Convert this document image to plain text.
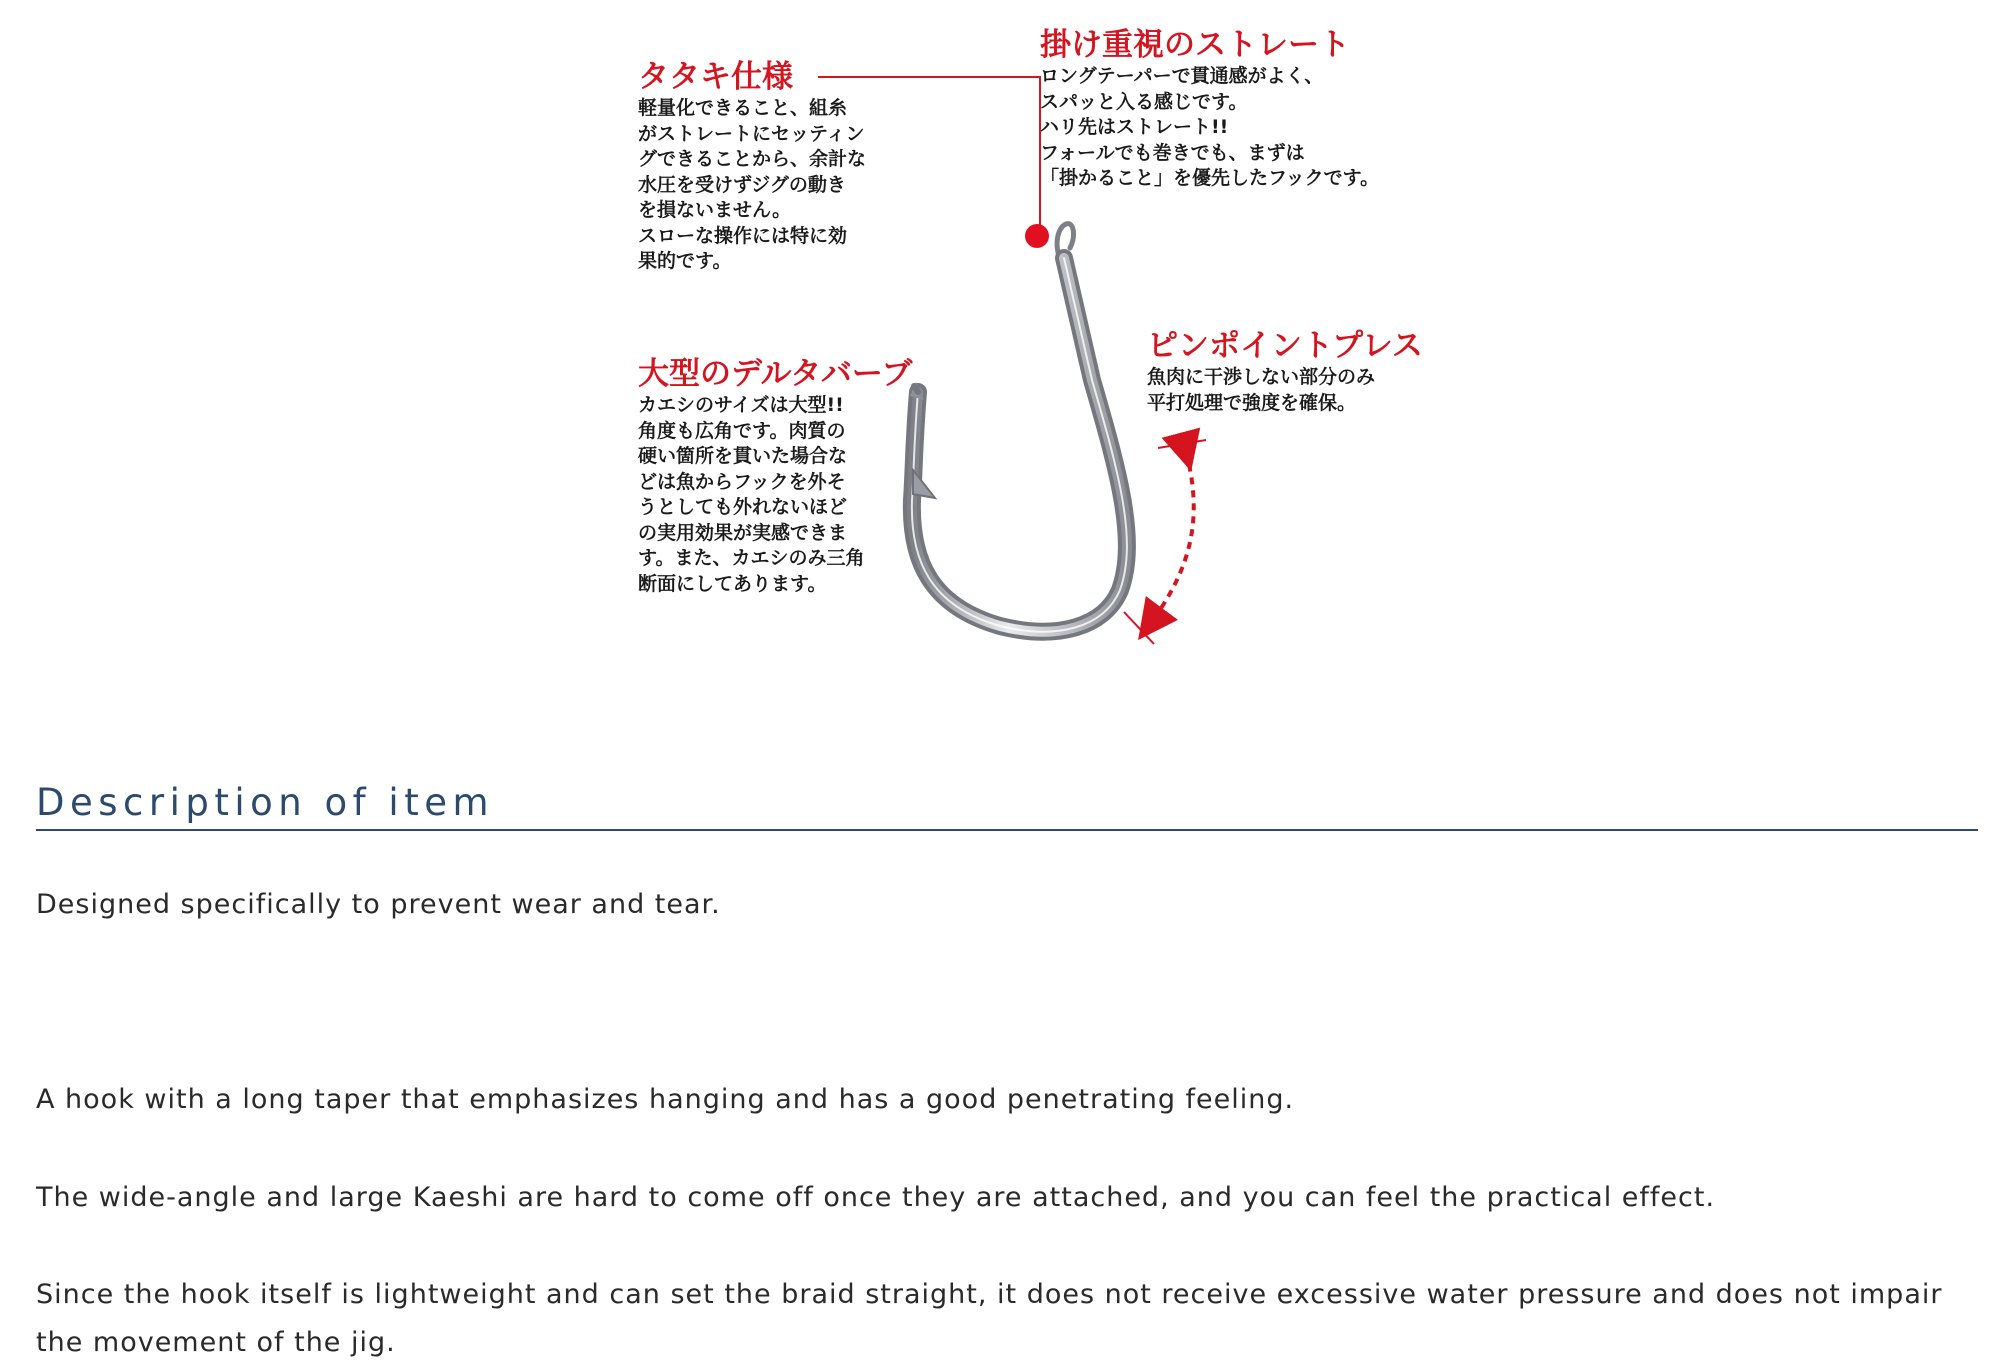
タタキ仕様
軽量化できること、組糸
がストレートにセッティン
グできることから、余計な
水圧を受けずジグの動き
を損ないません。
スローな操作には特に効
果的です。
掛け重視のストレート
ロングテーパーで貫通感がよく、
スパッと入る感じです。
ハリ先はストレート!!
フォールでも巻きでも、まずは
「掛かること」を優先したフックです。
大型のデルタバーブ
カエシのサイズは大型!!
角度も広角です。肉質の
硬い箇所を貫いた場合な
どは魚からフックを外そ
うとしても外れないほど
の実用効果が実感できま
す。また、カエシのみ三角
断面にしてあります。
ピンポイントプレス
魚肉に干渉しない部分のみ
平打処理で強度を確保。
Description of item

Designed specifically to prevent wear and tear.

A hook with a long taper that emphasizes hanging and has a good penetrating feeling.

The wide-angle and large Kaeshi are hard to come off once they are attached, and you can feel the practical effect.

Since the hook itself is lightweight and can set the braid straight, it does not receive excessive water pressure and does not impair the movement of the jig.
